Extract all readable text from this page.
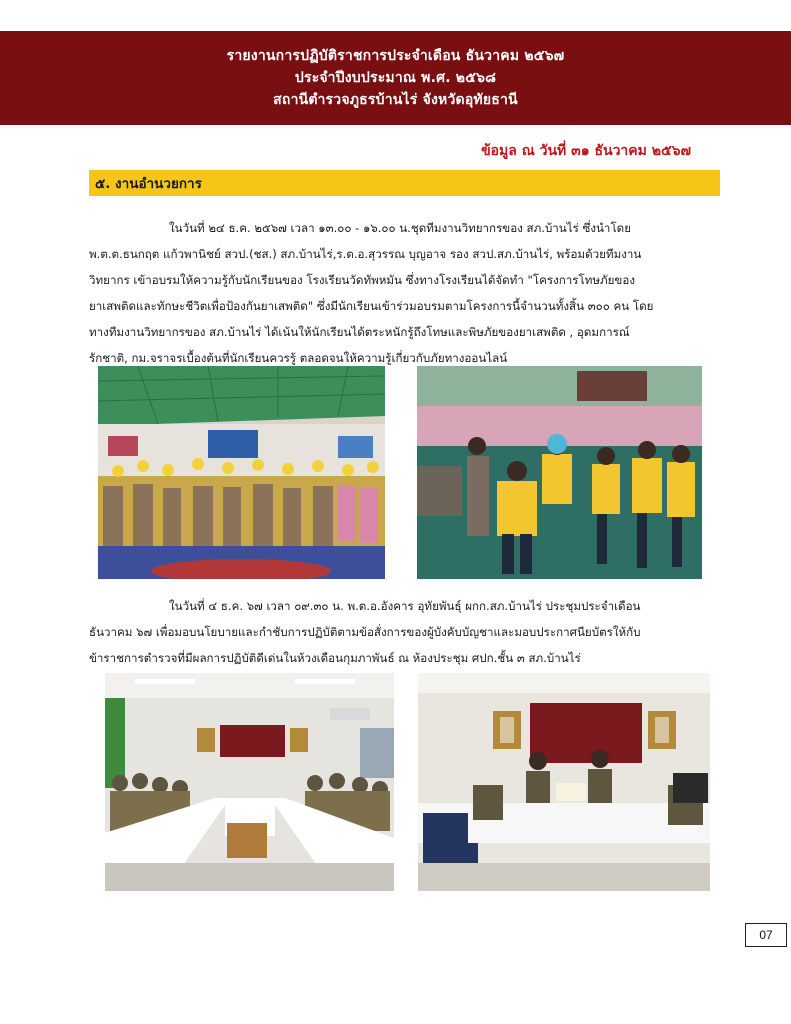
รายงานการปฏิบัติราชการประจำเดือน ธันวาคม ๒๕๖๗
ประจำปีงบประมาณ พ.ศ. ๒๕๖๘
สถานีตำรวจภูธรบ้านไร่ จังหวัดอุทัยธานี
ข้อมูล ณ วันที่ ๓๑ ธันวาคม ๒๕๖๗
๕. งานอำนวยการ
ในวันที่ ๒๔ ธ.ค. ๒๕๖๗ เวลา ๑๓.๐๐ - ๑๖.๐๐ น.ชุดทีมงานวิทยากรของ สภ.บ้านไร่ ซึ่งนำโดย
พ.ต.ต.ธนกฤต แก้วพานิชย์ สวป.(ชส.) สภ.บ้านไร่,ร.ต.อ.สุวรรณ บุญอาจ รอง สวป.สภ.บ้านไร่, พร้อมด้วยทีมงาน
วิทยากร เข้าอบรมให้ความรู้กับนักเรียนของ โรงเรียนวัดทัพหมัน ซึ่งทางโรงเรียนได้จัดทำ "โครงการโทษภัยของ
ยาเสพติดและทักษะชีวิตเพื่อป้องกันยาเสพติด" ซึ่งมีนักเรียนเข้าร่วมอบรมตามโครงการนี้จำนวนทั้งสิ้น ๓๐๐ คน โดย
ทางทีมงานวิทยากรของ สภ.บ้านไร่ ได้เน้นให้นักเรียนได้ตระหนักรู้ถึงโทษและพิษภัยของยาเสพติด , อุดมการณ์
รักชาติ, กม.จราจรเบื้องต้นที่นักเรียนควรรู้ ตลอดจนให้ความรู้เกี่ยวกับภัยทางออนไลน์
ในวันที่ ๔ ธ.ค. ๖๗ เวลา ๐๙.๓๐ น. พ.ต.อ.อังคาร อุทัยพันธุ์ ผกก.สภ.บ้านไร่ ประชุมประจำเดือน
ธันวาคม ๖๗ เพื่อมอบนโยบายและกำชับการปฏิบัติตามข้อสั่งการของผู้บังคับบัญชาและมอบประกาศนียบัตรให้กับ
ข้าราชการตำรวจที่มีผลการปฏิบัติดีเด่นในห้วงเดือนกุมภาพันธ์ ณ ห้องประชุม ศปก.ชั้น ๓ สภ.บ้านไร่
07
